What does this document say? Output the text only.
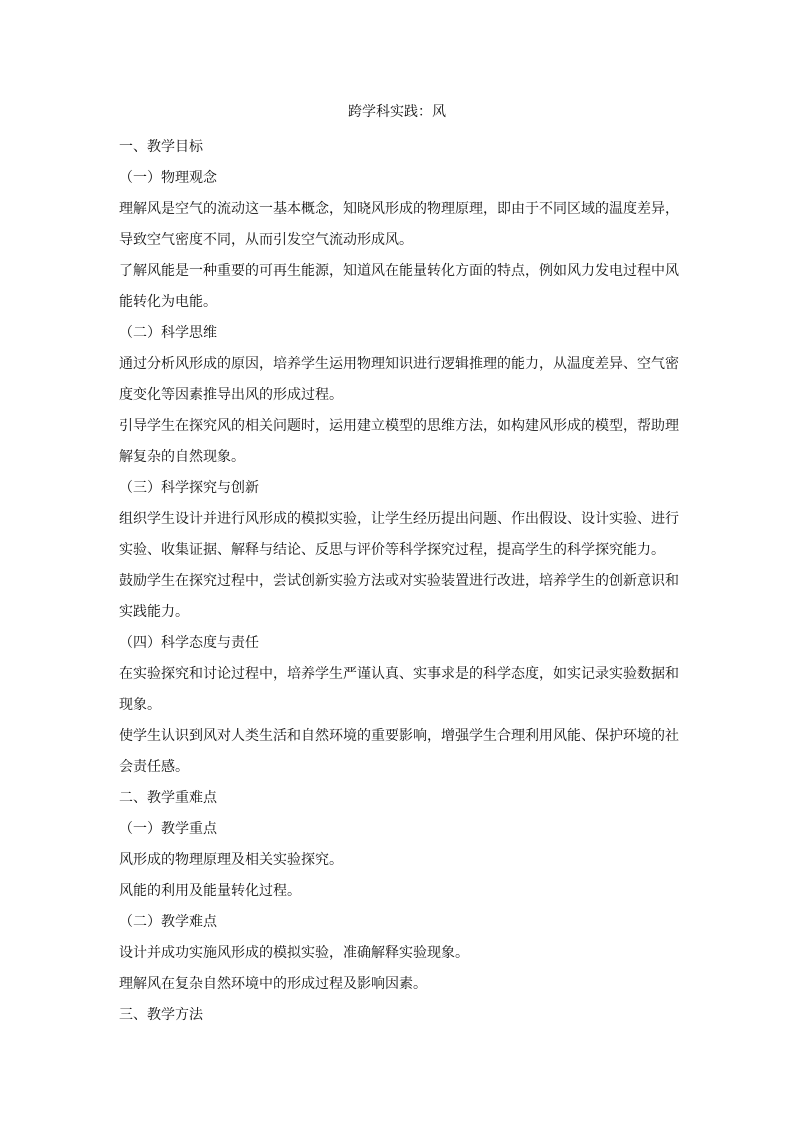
跨学科实践：风
一、教学目标
（一）物理观念
理解风是空气的流动这一基本概念，知晓风形成的物理原理，即由于不同区域的温度差异，
导致空气密度不同，从而引发空气流动形成风。
了解风能是一种重要的可再生能源，知道风在能量转化方面的特点，例如风力发电过程中风
能转化为电能。
（二）科学思维
通过分析风形成的原因，培养学生运用物理知识进行逻辑推理的能力，从温度差异、空气密
度变化等因素推导出风的形成过程。
引导学生在探究风的相关问题时，运用建立模型的思维方法，如构建风形成的模型，帮助理
解复杂的自然现象。
（三）科学探究与创新
组织学生设计并进行风形成的模拟实验，让学生经历提出问题、作出假设、设计实验、进行
实验、收集证据、解释与结论、反思与评价等科学探究过程，提高学生的科学探究能力。
鼓励学生在探究过程中，尝试创新实验方法或对实验装置进行改进，培养学生的创新意识和
实践能力。
（四）科学态度与责任
在实验探究和讨论过程中，培养学生严谨认真、实事求是的科学态度，如实记录实验数据和
现象。
使学生认识到风对人类生活和自然环境的重要影响，增强学生合理利用风能、保护环境的社
会责任感。
二、教学重难点
（一）教学重点
风形成的物理原理及相关实验探究。
风能的利用及能量转化过程。
（二）教学难点
设计并成功实施风形成的模拟实验，准确解释实验现象。
理解风在复杂自然环境中的形成过程及影响因素。
三、教学方法
